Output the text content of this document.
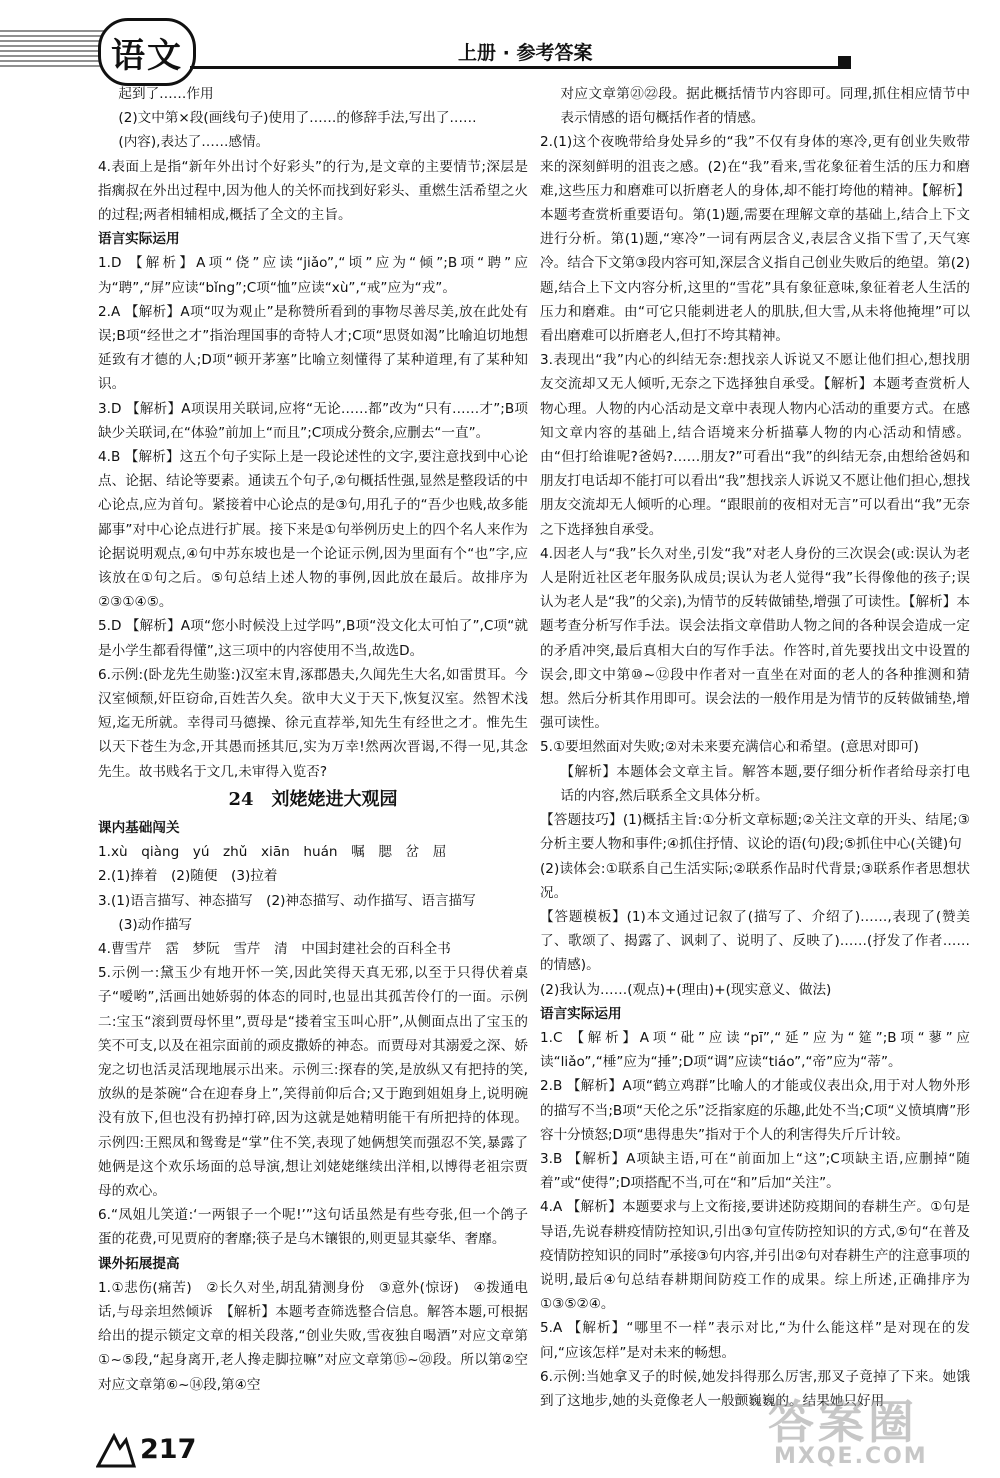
语文	上册 · 参考答案

起到了……作用

(2)文中第×段(画线句子)使用了……的修辞手法,写出了……

(内容),表达了……感情。

4.表面上是指“新年外出讨个好彩头”的行为,是文章的主要情节;深层是指瘸叔在外出过程中,因为他人的关怀而找到好彩头、重燃生活希望之火的过程;两者相辅相成,概括了全文的主旨。

语言实际运用

1.D 【解析】A项“侥”应读“jiǎo”,“顷”应为“倾”;B项“聘”应为“聘”,“屏”应读“bǐng”;C项“恤”应读“xù”,“戒”应为“戎”。

2.A 【解析】A项“叹为观止”是称赞所看到的事物尽善尽美,放在此处有误;B项“经世之才”指治理国事的奇特人才;C项“思贤如渴”比喻迫切地想延致有才德的人;D项“顿开茅塞”比喻立刻懂得了某种道理,有了某种知识。

3.D 【解析】A项误用关联词,应将“无论……都”改为“只有……才”;B项缺少关联词,在“体验”前加上“而且”;C项成分赘余,应删去“一直”。

4.B 【解析】这五个句子实际上是一段论述性的文字,要注意找到中心论点、论据、结论等要素。通读五个句子,②句概括性强,显然是整段话的中心论点,应为首句。紧接着中心论点的是③句,用孔子的“吾少也贱,故多能鄙事”对中心论点进行扩展。接下来是①句举例历史上的四个名人来作为论据说明观点,④句中苏东坡也是一个论证示例,因为里面有个“也”字,应该放在①句之后。⑤句总结上述人物的事例,因此放在最后。故排序为②③①④⑤。

5.D 【解析】A项“您小时候没上过学吗”,B项“没文化太可怕了”,C项“就是小学生都看得懂”,这三项中的内容使用不当,故选D。

6.示例:(卧龙先生勋鉴:)汉室末胄,涿郡愚夫,久闻先生大名,如雷贯耳。今汉室倾颓,奸臣窃命,百姓苦久矣。欲申大义于天下,恢复汉室。然智术浅短,迄无所就。幸得司马德操、徐元直荐举,知先生有经世之才。惟先生以天下苍生为念,开其愚而拯其厄,实为万幸!然两次晋谒,不得一见,其念先生。故书贱名于文几,未审得入览否?

24　刘姥姥进大观园

课内基础闯关

1.xù　qiàng　yú　zhǔ　xiān　huán　嘱　腮　岔　屈

2.(1)捧着　(2)随便　(3)拉着

3.(1)语言描写、神态描写　(2)神态描写、动作描写、语言描写

(3)动作描写

4.曹雪芹　霑　梦阮　雪芹　清　中国封建社会的百科全书

5.示例一:黛玉少有地开怀一笑,因此笑得天真无邪,以至于只得伏着桌子“嗳哟”,活画出她娇弱的体态的同时,也显出其孤苦伶仃的一面。示例二:宝玉“滚到贾母怀里”,贾母是“搂着宝玉叫心肝”,从侧面点出了宝玉的笑不可支,以及在祖宗面前的顽皮撒娇的神态。而贾母对其溺爱之深、娇宠之切也活灵活现地展示出来。示例三:探春的笑,是放纵又有把持的笑,放纵的是茶碗“合在迎春身上”,笑得前仰后合;又于跑到姐姐身上,说明碗没有放下,但也没有扔掉打碎,因为这就是她精明能干有所把持的体现。示例四:王熙凤和鸳鸯是“掌”住不笑,表现了她俩想笑而强忍不笑,暴露了她俩是这个欢乐场面的总导演,想让刘姥姥继续出洋相,以博得老祖宗贾母的欢心。

6.“凤姐儿笑道:‘一两银子一个呢!’”这句话虽然是有些夸张,但一个鸽子蛋的花费,可见贾府的奢靡;筷子是乌木镶银的,则更显其豪华、奢靡。

课外拓展提高

1.①悲伤(痛苦)　②长久对坐,胡乱猜测身份　③意外(惊讶)　④拨通电话,与母亲坦然倾诉　【解析】本题考查筛选整合信息。解答本题,可根据给出的提示锁定文章的相关段落,“创业失败,雪夜独自喝酒”对应文章第①~⑤段,“起身离开,老人搀走脚拉嘛”对应文章第⑮~⑳段。所以第②空对应文章第⑥~⑭段,第④空

对应文章第㉑㉒段。据此概括情节内容即可。同理,抓住相应情节中表示情感的语句概括作者的情感。

2.(1)这个夜晚带给身处异乡的“我”不仅有身体的寒冷,更有创业失败带来的深刻鲜明的沮丧之感。(2)在“我”看来,雪花象征着生活的压力和磨难,这些压力和磨难可以折磨老人的身体,却不能打垮他的精神。【解析】本题考查赏析重要语句。第(1)题,需要在理解文章的基础上,结合上下文进行分析。第(1)题,“寒冷”一词有两层含义,表层含义指下雪了,天气寒冷。结合下文第③段内容可知,深层含义指自己创业失败后的绝望。第(2)题,结合上下文内容分析,这里的“雪花”具有象征意味,象征着老人生活的压力和磨难。由“可它只能刺进老人的肌肤,但大雪,从未将他掩埋”可以看出磨难可以折磨老人,但打不垮其精神。

3.表现出“我”内心的纠结无奈:想找亲人诉说又不愿让他们担心,想找朋友交流却又无人倾听,无奈之下选择独自承受。【解析】本题考查赏析人物心理。人物的内心活动是文章中表现人物内心活动的重要方式。在感知文章内容的基础上,结合语境来分析描摹人物的内心活动和情感。由“但打给谁呢?爸妈?……朋友?”可看出“我”的纠结无奈,由想给爸妈和朋友打电话却不能打可以看出“我”想找亲人诉说又不愿让他们担心,想找朋友交流却无人倾听的心理。“跟眼前的夜相对无言”可以看出“我”无奈之下选择独自承受。

4.因老人与“我”长久对坐,引发“我”对老人身份的三次误会(或:误认为老人是附近社区老年服务队成员;误认为老人觉得“我”长得像他的孩子;误认为老人是“我”的父亲),为情节的反转做铺垫,增强了可读性。【解析】本题考查分析写作手法。误会法指文章借助人物之间的各种误会造成一定的矛盾冲突,最后真相大白的写作手法。作答时,首先要找出文中设置的误会,即文中第⑩~⑫段中作者对一直坐在对面的老人的各种推测和猜想。然后分析其作用即可。误会法的一般作用是为情节的反转做铺垫,增强可读性。

5.①要坦然面对失败;②对未来要充满信心和希望。(意思对即可)

【解析】本题体会文章主旨。解答本题,要仔细分析作者给母亲打电话的内容,然后联系全文具体分析。

【答题技巧】(1)概括主旨:①分析文章标题;②关注文章的开头、结尾;③分析主要人物和事件;④抓住抒情、议论的语(句)段;⑤抓住中心(关键)句

(2)读体会:①联系自己生活实际;②联系作品时代背景;③联系作者思想状况。

【答题模板】(1)本文通过记叙了(描写了、介绍了)……,表现了(赞美了、歌颂了、揭露了、讽刺了、说明了、反映了)……(抒发了作者……的情感)。

(2)我认为……(观点)+(理由)+(现实意义、做法)

语言实际运用

1.C 【解析】A项“砒”应读“pī”,“延”应为“筵”;B项“蓼”应读“liǎo”,“棰”应为“捶”;D项“调”应读“tiáo”,“帝”应为“蒂”。

2.B 【解析】A项“鹤立鸡群”比喻人的才能或仪表出众,用于对人物外形的描写不当;B项“天伦之乐”泛指家庭的乐趣,此处不当;C项“义愤填膺”形容十分愤怒;D项“患得患失”指对于个人的利害得失斤斤计较。

3.B 【解析】A项缺主语,可在“前面加上“这”;C项缺主语,应删掉“随着”或“使得”;D项搭配不当,可在“和”后加“关注”。

4.A 【解析】本题要求与上文衔接,要讲述防疫期间的春耕生产。①句是导语,先说春耕疫情防控知识,引出③句宣传防控知识的方式,⑤句“在普及疫情防控知识的同时”承接③句内容,并引出②句对春耕生产的注意事项的说明,最后④句总结春耕期间防疫工作的成果。综上所述,正确排序为①③⑤②④。

5.A 【解析】“哪里不一样”表示对比,“为什么能这样”是对现在的发问,“应该怎样”是对未来的畅想。

6.示例:当她拿叉子的时候,她发抖得那么厉害,那叉子竟掉了下来。她饿到了这地步,她的头竟像老人一般颤巍巍的。结果她只好用

217
答案圈
MXQE.COM
